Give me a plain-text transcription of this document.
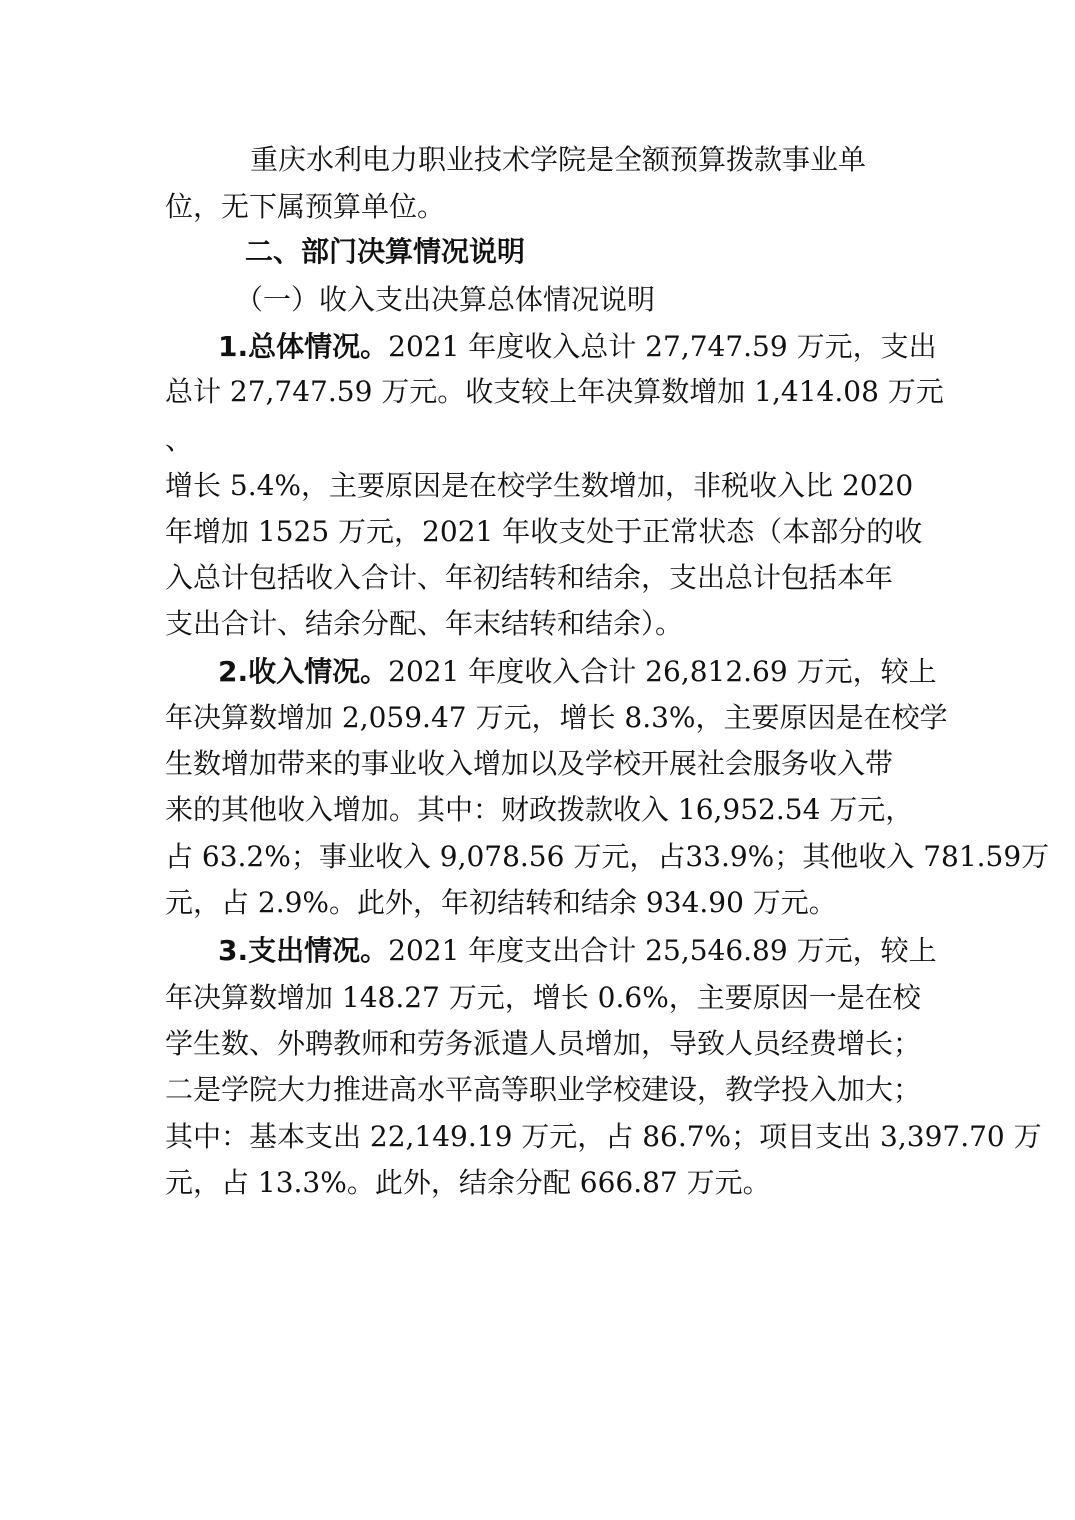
重庆水利电力职业技术学院是全额预算拨款事业单

位，无下属预算单位。

二、部门决算情况说明

（一）收入支出决算总体情况说明

1.总体情况。2021 年度收入总计 27,747.59 万元，支出

总计 27,747.59 万元。收支较上年决算数增加 1,414.08 万元

、

增长 5.4%，主要原因是在校学生数增加，非税收入比 2020

年增加 1525 万元，2021 年收支处于正常状态（本部分的收

入总计包括收入合计、年初结转和结余，支出总计包括本年

支出合计、结余分配、年末结转和结余）。

2.收入情况。2021 年度收入合计 26,812.69 万元，较上

年决算数增加 2,059.47 万元，增长 8.3%，主要原因是在校学

生数增加带来的事业收入增加以及学校开展社会服务收入带

来的其他收入增加。其中：财政拨款收入 16,952.54 万元，

占 63.2%；事业收入 9,078.56 万元，占33.9%；其他收入 781.59万

元，占 2.9%。此外，年初结转和结余 934.90 万元。

3.支出情况。2021 年度支出合计 25,546.89 万元，较上

年决算数增加 148.27 万元，增长 0.6%，主要原因一是在校

学生数、外聘教师和劳务派遣人员增加，导致人员经费增长；

二是学院大力推进高水平高等职业学校建设，教学投入加大；

其中：基本支出 22,149.19 万元，占 86.7%；项目支出 3,397.70 万

元，占 13.3%。此外，结余分配 666.87 万元。
